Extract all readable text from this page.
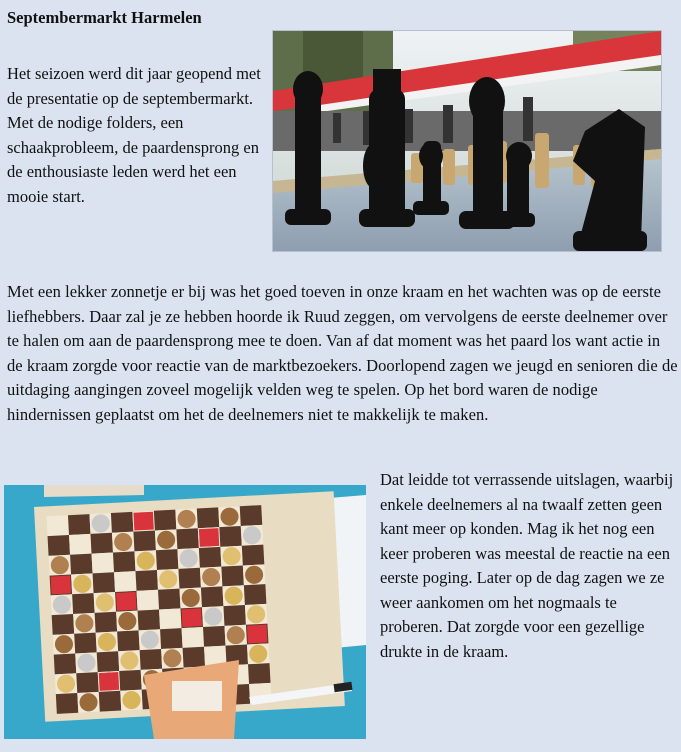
Septembermarkt Harmelen
Het seizoen werd dit jaar geopend met de presentatie op de septembermarkt. Met de nodige folders, een schaakprobleem, de paardensprong en de enthousiaste leden werd het een mooie start.
Met een lekker zonnetje er bij was het goed toeven in onze kraam en het wachten was op de eerste liefhebbers. Daar zal je ze hebben hoorde ik Ruud zeggen, om vervolgens de eerste deelnemer over te halen om aan de paardensprong mee te doen. Van af dat moment was het paard los want actie in de kraam zorgde voor reactie van de marktbezoekers. Doorlopend zagen we jeugd en senioren die de uitdaging aangingen zoveel mogelijk velden weg te spelen. Op het bord waren de nodige hindernissen geplaatst om het de deelnemers niet te makkelijk te maken.
Dat leidde tot verrassende uitslagen, waarbij enkele deelnemers al na twaalf zetten geen kant meer op konden. Mag ik het nog een keer proberen was meestal de reactie na een eerste poging. Later op de dag zagen we ze weer aankomen om het nogmaals te proberen. Dat zorgde voor een gezellige drukte in de kraam.
